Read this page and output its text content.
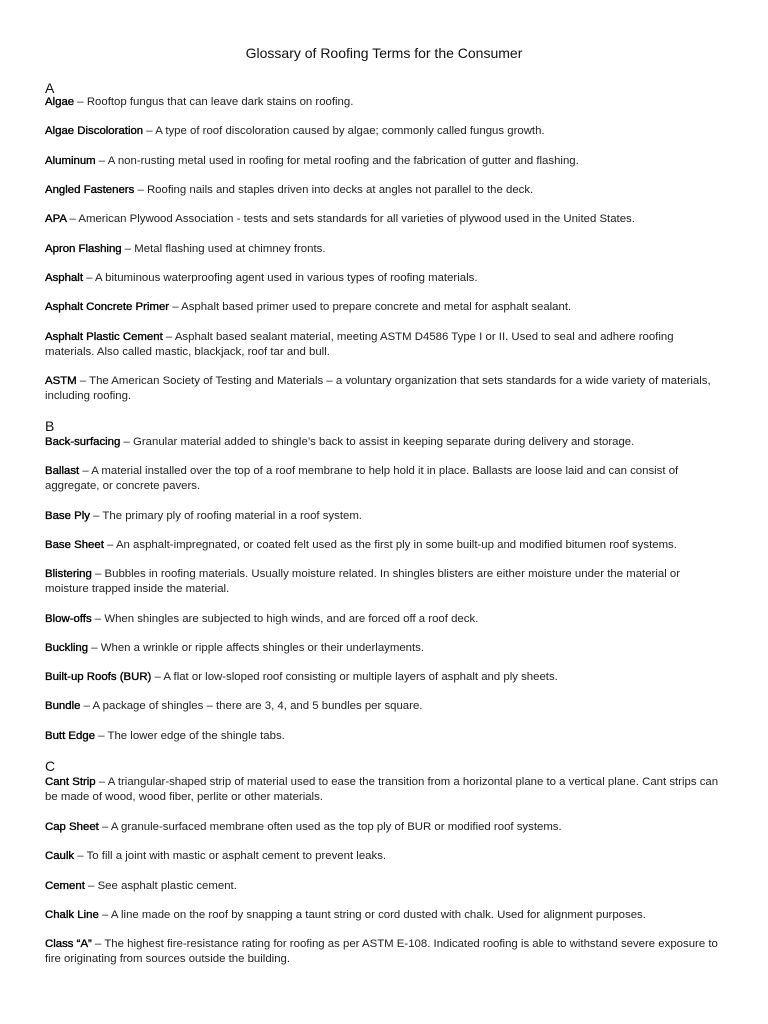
Glossary of Roofing Terms for the Consumer
A
Algae – Rooftop fungus that can leave dark stains on roofing.
Algae Discoloration – A type of roof discoloration caused by algae; commonly called fungus growth.
Aluminum – A non-rusting metal used in roofing for metal roofing and the fabrication of gutter and flashing.
Angled Fasteners – Roofing nails and staples driven into decks at angles not parallel to the deck.
APA – American Plywood Association - tests and sets standards for all varieties of plywood used in the United States.
Apron Flashing – Metal flashing used at chimney fronts.
Asphalt – A bituminous waterproofing agent used in various types of roofing materials.
Asphalt Concrete Primer – Asphalt based primer used to prepare concrete and metal for asphalt sealant.
Asphalt Plastic Cement – Asphalt based sealant material, meeting ASTM D4586 Type I or II. Used to seal and adhere roofing materials. Also called mastic, blackjack, roof tar and bull.
ASTM – The American Society of Testing and Materials – a voluntary organization that sets standards for a wide variety of materials, including roofing.
B
Back-surfacing – Granular material added to shingle’s back to assist in keeping separate during delivery and storage.
Ballast – A material installed over the top of a roof membrane to help hold it in place. Ballasts are loose laid and can consist of aggregate, or concrete pavers.
Base Ply – The primary ply of roofing material in a roof system.
Base Sheet – An asphalt-impregnated, or coated felt used as the first ply in some built-up and modified bitumen roof systems.
Blistering – Bubbles in roofing materials. Usually moisture related. In shingles blisters are either moisture under the material or moisture trapped inside the material.
Blow-offs – When shingles are subjected to high winds, and are forced off a roof deck.
Buckling – When a wrinkle or ripple affects shingles or their underlayments.
Built-up Roofs (BUR) – A flat or low-sloped roof consisting or multiple layers of asphalt and ply sheets.
Bundle – A package of shingles – there are 3, 4, and 5 bundles per square.
Butt Edge – The lower edge of the shingle tabs.
C
Cant Strip – A triangular-shaped strip of material used to ease the transition from a horizontal plane to a vertical plane. Cant strips can be made of wood, wood fiber, perlite or other materials.
Cap Sheet – A granule-surfaced membrane often used as the top ply of BUR or modified roof systems.
Caulk – To fill a joint with mastic or asphalt cement to prevent leaks.
Cement – See asphalt plastic cement.
Chalk Line – A line made on the roof by snapping a taunt string or cord dusted with chalk. Used for alignment purposes.
Class “A” – The highest fire-resistance rating for roofing as per ASTM E-108. Indicated roofing is able to withstand severe exposure to fire originating from sources outside the building.
